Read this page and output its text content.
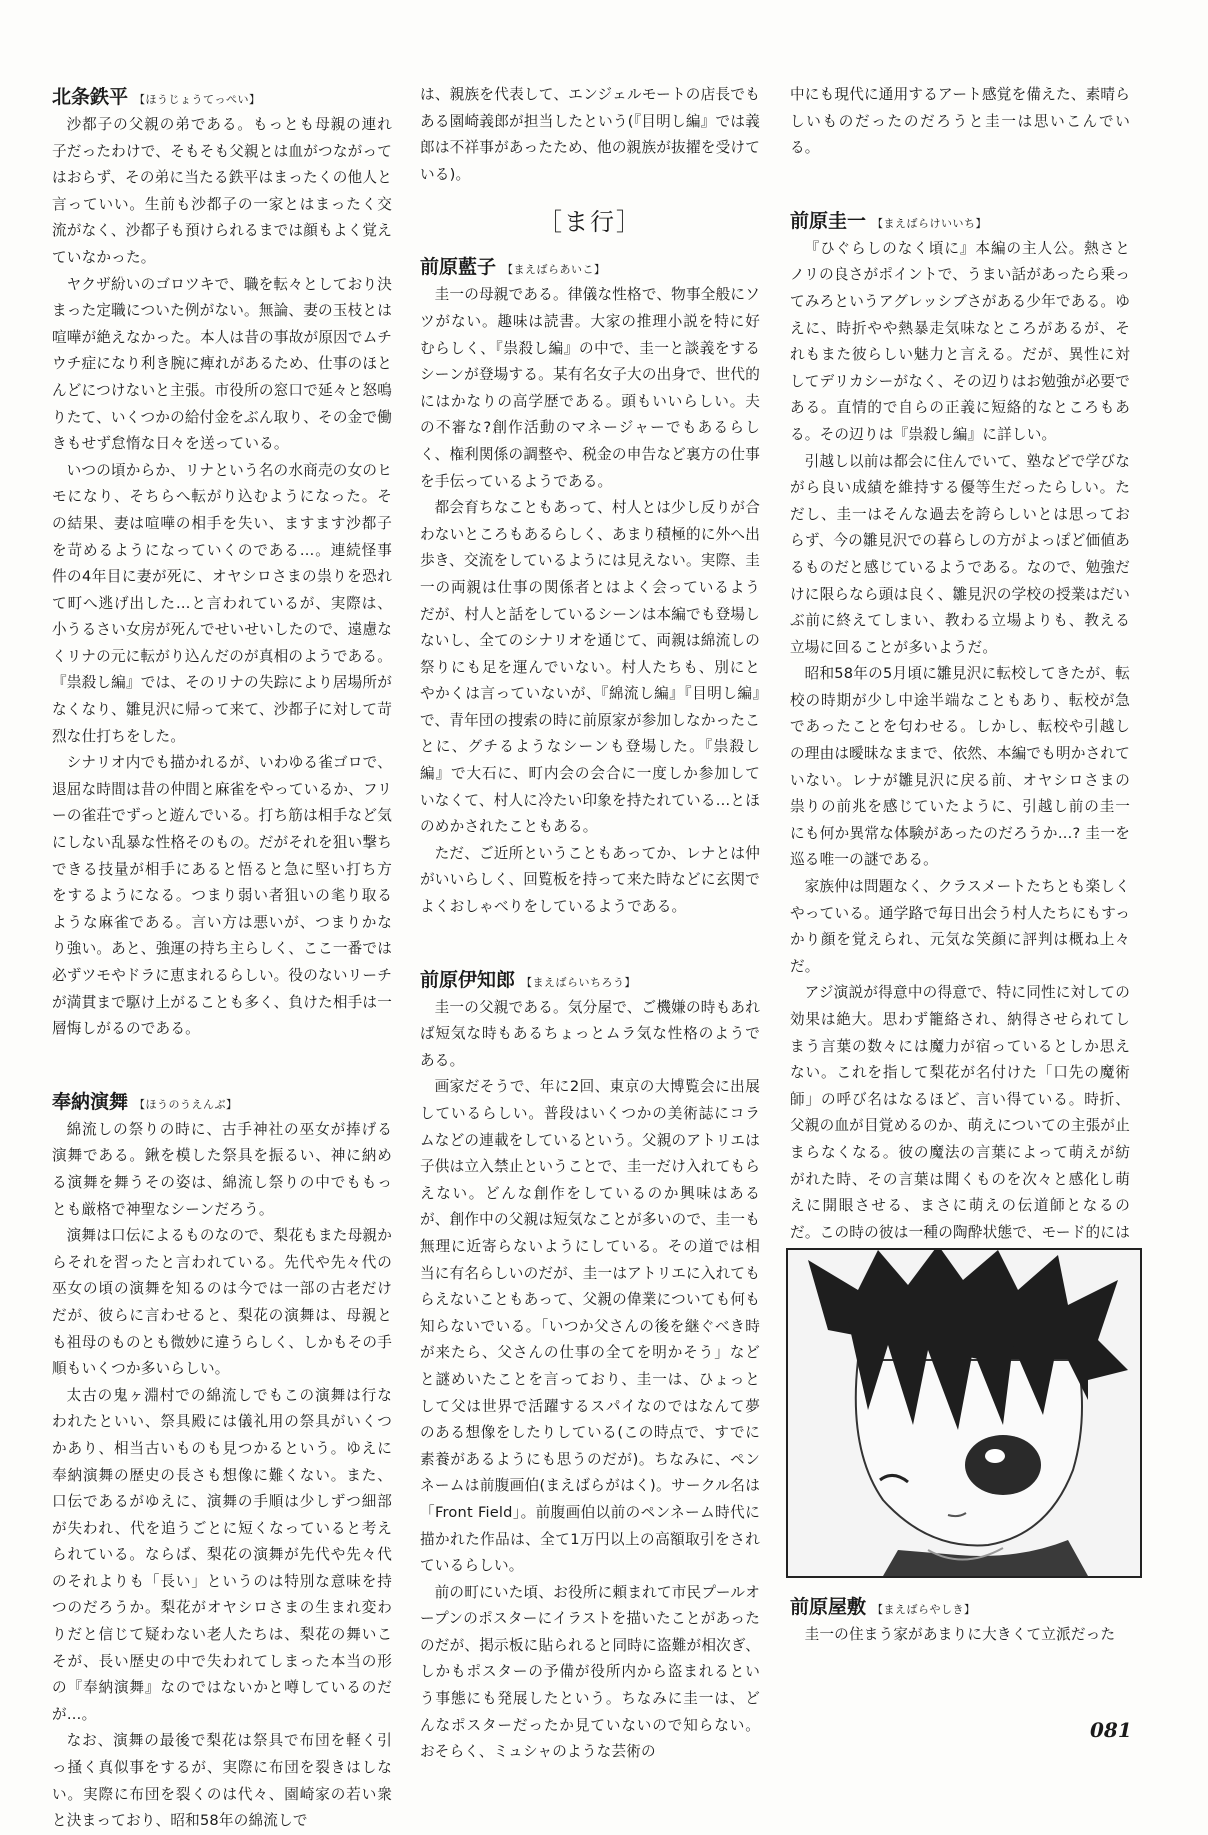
北条鉄平 【ほうじょうてっぺい】

沙都子の父親の弟である。もっとも母親の連れ子だったわけで、そもそも父親とは血がつながってはおらず、その弟に当たる鉄平はまったくの他人と言っていい。生前も沙都子の一家とはまったく交流がなく、沙都子も預けられるまでは顔もよく覚えていなかった。

ヤクザ紛いのゴロツキで、職を転々としており決まった定職についた例がない。無論、妻の玉枝とは喧嘩が絶えなかった。本人は昔の事故が原因でムチウチ症になり利き腕に痺れがあるため、仕事のほとんどにつけないと主張。市役所の窓口で延々と怒鳴りたて、いくつかの給付金をぶん取り、その金で働きもせず怠惰な日々を送っている。

いつの頃からか、リナという名の水商売の女のヒモになり、そちらへ転がり込むようになった。その結果、妻は喧嘩の相手を失い、ますます沙都子を苛めるようになっていくのである…。連続怪事件の4年目に妻が死に、オヤシロさまの祟りを恐れて町へ逃げ出した…と言われているが、実際は、小うるさい女房が死んでせいせいしたので、遠慮なくリナの元に転がり込んだのが真相のようである。『祟殺し編』では、そのリナの失踪により居場所がなくなり、雛見沢に帰って来て、沙都子に対して苛烈な仕打ちをした。

シナリオ内でも描かれるが、いわゆる雀ゴロで、退屈な時間は昔の仲間と麻雀をやっているか、フリーの雀荘でずっと遊んでいる。打ち筋は相手など気にしない乱暴な性格そのもの。だがそれを狙い撃ちできる技量が相手にあると悟ると急に堅い打ち方をするようになる。つまり弱い者狙いの毟り取るような麻雀である。言い方は悪いが、つまりかなり強い。あと、強運の持ち主らしく、ここ一番では必ずツモやドラに恵まれるらしい。役のないリーチが満貫まで駆け上がることも多く、負けた相手は一層悔しがるのである。

奉納演舞 【ほうのうえんぶ】

綿流しの祭りの時に、古手神社の巫女が捧げる演舞である。鍬を模した祭具を振るい、神に納める演舞を舞うその姿は、綿流し祭りの中でももっとも厳格で神聖なシーンだろう。

演舞は口伝によるものなので、梨花もまた母親からそれを習ったと言われている。先代や先々代の巫女の頃の演舞を知るのは今では一部の古老だけだが、彼らに言わせると、梨花の演舞は、母親とも祖母のものとも微妙に違うらしく、しかもその手順もいくつか多いらしい。

太古の鬼ヶ淵村での綿流しでもこの演舞は行なわれたといい、祭具殿には儀礼用の祭具がいくつかあり、相当古いものも見つかるという。ゆえに奉納演舞の歴史の長さも想像に難くない。また、口伝であるがゆえに、演舞の手順は少しずつ細部が失われ、代を追うごとに短くなっていると考えられている。ならば、梨花の演舞が先代や先々代のそれよりも「長い」というのは特別な意味を持つのだろうか。梨花がオヤシロさまの生まれ変わりだと信じて疑わない老人たちは、梨花の舞いこそが、長い歴史の中で失われてしまった本当の形の『奉納演舞』なのではないかと噂しているのだが…。

なお、演舞の最後で梨花は祭具で布団を軽く引っ掻く真似事をするが、実際に布団を裂きはしない。実際に布団を裂くのは代々、園崎家の若い衆と決まっており、昭和58年の綿流しで

は、親族を代表して、エンジェルモートの店長でもある園崎義郎が担当したという(『目明し編』では義郎は不祥事があったため、他の親族が抜擢を受けている)。

［ま行］
前原藍子 【まえばらあいこ】

圭一の母親である。律儀な性格で、物事全般にソツがない。趣味は読書。大家の推理小説を特に好むらしく、『祟殺し編』の中で、圭一と談義をするシーンが登場する。某有名女子大の出身で、世代的にはかなりの高学歴である。頭もいいらしい。夫の不審な?創作活動のマネージャーでもあるらしく、権利関係の調整や、税金の申告など裏方の仕事を手伝っているようである。

都会育ちなこともあって、村人とは少し反りが合わないところもあるらしく、あまり積極的に外へ出歩き、交流をしているようには見えない。実際、圭一の両親は仕事の関係者とはよく会っているようだが、村人と話をしているシーンは本編でも登場しないし、全てのシナリオを通じて、両親は綿流しの祭りにも足を運んでいない。村人たちも、別にとやかくは言っていないが、『綿流し編』『目明し編』で、青年団の捜索の時に前原家が参加しなかったことに、グチるようなシーンも登場した。『祟殺し編』で大石に、町内会の会合に一度しか参加していなくて、村人に冷たい印象を持たれている…とほのめかされたこともある。

ただ、ご近所ということもあってか、レナとは仲がいいらしく、回覧板を持って来た時などに玄関でよくおしゃべりをしているようである。

前原伊知郎 【まえばらいちろう】

圭一の父親である。気分屋で、ご機嫌の時もあれば短気な時もあるちょっとムラ気な性格のようである。

画家だそうで、年に2回、東京の大博覧会に出展しているらしい。普段はいくつかの美術誌にコラムなどの連載をしているという。父親のアトリエは子供は立入禁止ということで、圭一だけ入れてもらえない。どんな創作をしているのか興味はあるが、創作中の父親は短気なことが多いので、圭一も無理に近寄らないようにしている。その道では相当に有名らしいのだが、圭一はアトリエに入れてもらえないこともあって、父親の偉業についても何も知らないでいる。「いつか父さんの後を継ぐべき時が来たら、父さんの仕事の全てを明かそう」などと謎めいたことを言っており、圭一は、ひょっとして父は世界で活躍するスパイなのではなんて夢のある想像をしたりしている(この時点で、すでに素養があるようにも思うのだが)。ちなみに、ペンネームは前腹画伯(まえばらがはく)。サークル名は「Front Field」。前腹画伯以前のペンネーム時代に描かれた作品は、全て1万円以上の高額取引をされているらしい。

前の町にいた頃、お役所に頼まれて市民プールオープンのポスターにイラストを描いたことがあったのだが、掲示板に貼られると同時に盗難が相次ぎ、しかもポスターの予備が役所内から盗まれるという事態にも発展したという。ちなみに圭一は、どんなポスターだったか見ていないので知らない。おそらく、ミュシャのような芸術の

中にも現代に通用するアート感覚を備えた、素晴らしいものだったのだろうと圭一は思いこんでいる。

前原圭一 【まえばらけいいち】

『ひぐらしのなく頃に』本編の主人公。熱さとノリの良さがポイントで、うまい話があったら乗ってみろというアグレッシブさがある少年である。ゆえに、時折やや熱暴走気味なところがあるが、それもまた彼らしい魅力と言える。だが、異性に対してデリカシーがなく、その辺りはお勉強が必要である。直情的で自らの正義に短絡的なところもある。その辺りは『祟殺し編』に詳しい。

引越し以前は都会に住んでいて、塾などで学びながら良い成績を維持する優等生だったらしい。ただし、圭一はそんな過去を誇らしいとは思っておらず、今の雛見沢での暮らしの方がよっぽど価値あるものだと感じているようである。なので、勉強だけに限らなら頭は良く、雛見沢の学校の授業はだいぶ前に終えてしまい、教わる立場よりも、教える立場に回ることが多いようだ。

昭和58年の5月頃に雛見沢に転校してきたが、転校の時期が少し中途半端なこともあり、転校が急であったことを匂わせる。しかし、転校や引越しの理由は曖昧なままで、依然、本編でも明かされていない。レナが雛見沢に戻る前、オヤシロさまの祟りの前兆を感じていたように、引越し前の圭一にも何か異常な体験があったのだろうか…? 圭一を巡る唯一の謎である。

家族仲は問題なく、クラスメートたちとも楽しくやっている。通学路で毎日出会う村人たちにもすっかり顔を覚えられ、元気な笑顔に評判は概ね上々だ。

アジ演説が得意中の得意で、特に同性に対しての効果は絶大。思わず籠絡され、納得させられてしまう言葉の数々には魔力が宿っているとしか思えない。これを指して梨花が名付けた「口先の魔術師」の呼び名はなるほど、言い得ている。時折、父親の血が目覚めるのか、萌えについての主張が止まらなくなる。彼の魔法の言葉によって萌えが紡がれた時、その言葉は聞くものを次々と感化し萌えに開眼させる、まさに萌えの伝道師となるのだ。この時の彼は一種の陶酔状態で、モード的には

前原屋敷 【まえばらやしき】

圭一の住まう家があまりに大きくて立派だった

081
